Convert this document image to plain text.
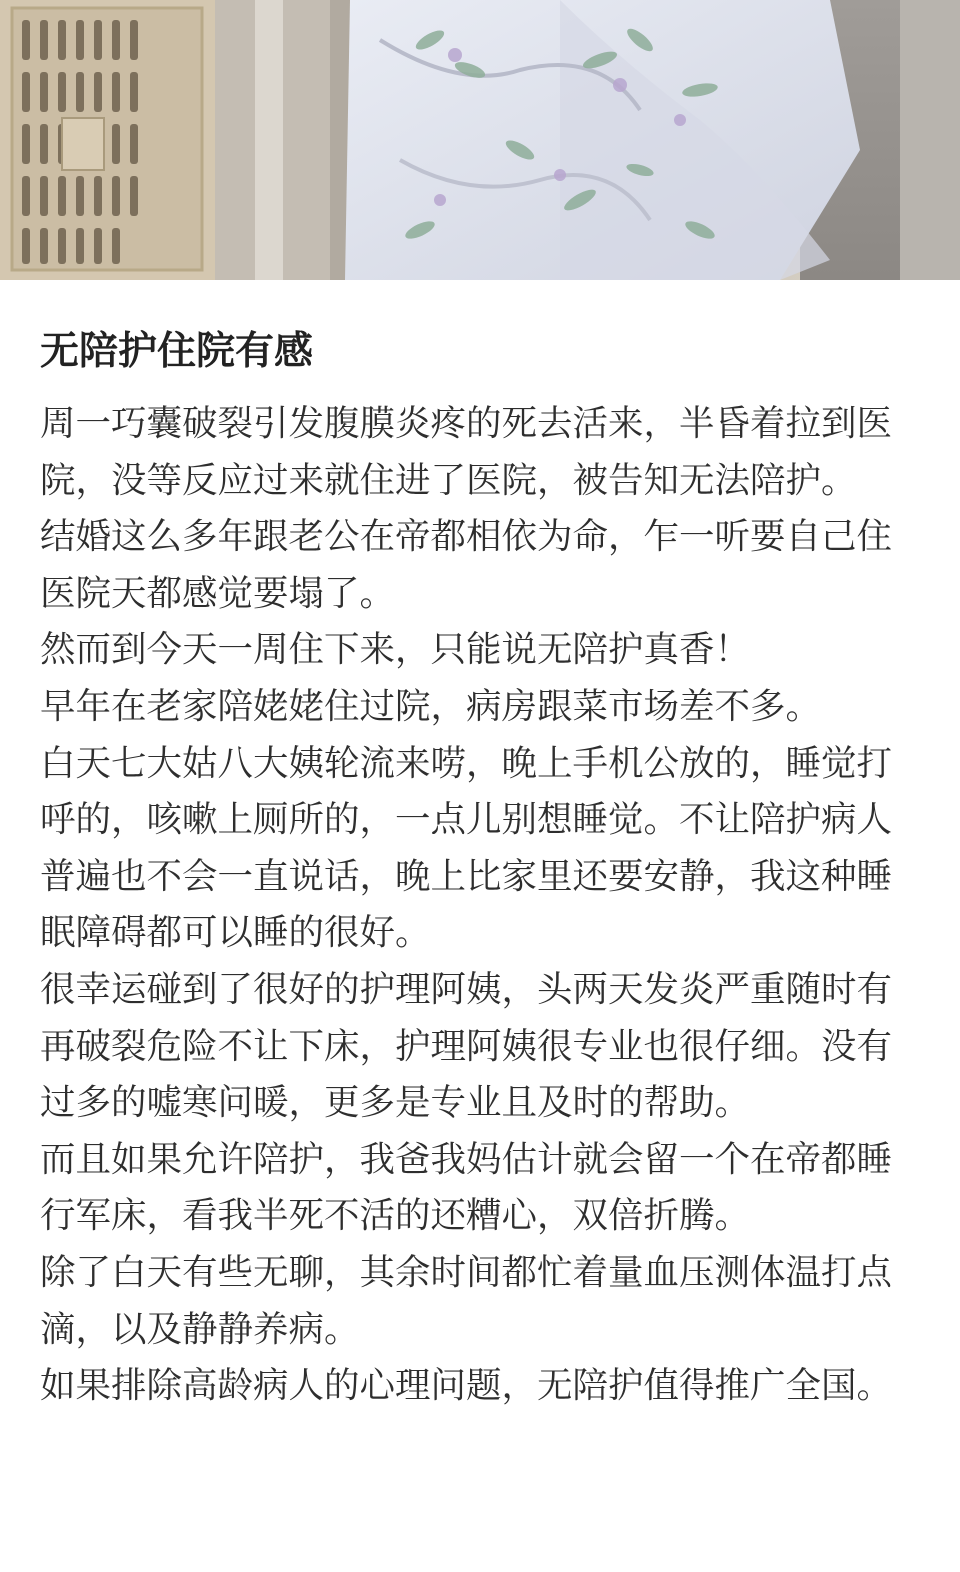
无陪护住院有感

周一巧囊破裂引发腹膜炎疼的死去活来，半昏着拉到医院，没等反应过来就住进了医院，被告知无法陪护。

结婚这么多年跟老公在帝都相依为命，乍一听要自己住医院天都感觉要塌了。

然而到今天一周住下来，只能说无陪护真香！

早年在老家陪姥姥住过院，病房跟菜市场差不多。

白天七大姑八大姨轮流来唠，晚上手机公放的，睡觉打呼的，咳嗽上厕所的，一点儿别想睡觉。不让陪护病人普遍也不会一直说话，晚上比家里还要安静，我这种睡眠障碍都可以睡的很好。

很幸运碰到了很好的护理阿姨，头两天发炎严重随时有再破裂危险不让下床，护理阿姨很专业也很仔细。没有过多的嘘寒问暖，更多是专业且及时的帮助。

而且如果允许陪护，我爸我妈估计就会留一个在帝都睡行军床，看我半死不活的还糟心，双倍折腾。

除了白天有些无聊，其余时间都忙着量血压测体温打点滴，以及静静养病。

如果排除高龄病人的心理问题，无陪护值得推广全国。
